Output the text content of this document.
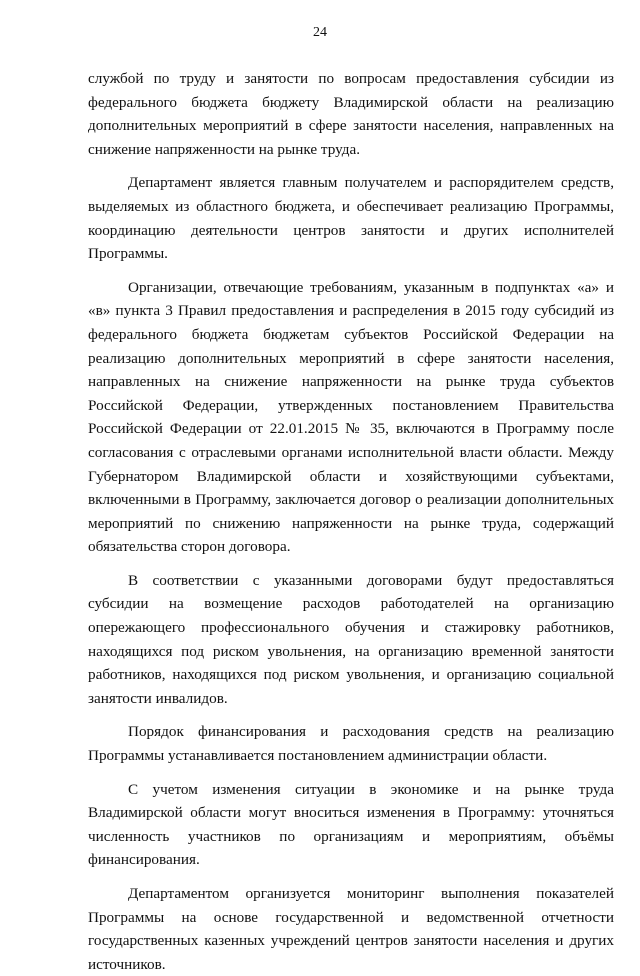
24

службой по труду и занятости по вопросам предоставления субсидии из федерального бюджета бюджету Владимирской области на реализацию дополнительных мероприятий в сфере занятости населения, направленных на снижение напряженности на рынке труда.

Департамент является главным получателем и распорядителем средств, выделяемых из областного бюджета, и обеспечивает реализацию Программы, координацию деятельности центров занятости и других исполнителей Программы.

Организации, отвечающие требованиям, указанным в подпунктах «а» и «в» пункта 3 Правил предоставления и распределения в 2015 году субсидий из федерального бюджета бюджетам субъектов Российской Федерации на реализацию дополнительных мероприятий в сфере занятости населения, направленных на снижение напряженности на рынке труда субъектов Российской Федерации, утвержденных постановлением Правительства Российской Федерации от 22.01.2015 № 35, включаются в Программу после согласования с отраслевыми органами исполнительной власти области. Между Губернатором Владимирской области и хозяйствующими субъектами, включенными в Программу, заключается договор о реализации дополнительных мероприятий по снижению напряженности на рынке труда, содержащий обязательства сторон договора.

В соответствии с указанными договорами будут предоставляться субсидии на возмещение расходов работодателей на организацию опережающего профессионального обучения и стажировку работников, находящихся под риском увольнения, на организацию временной занятости работников, находящихся под риском увольнения, и организацию социальной занятости инвалидов.

Порядок финансирования и расходования средств на реализацию Программы устанавливается постановлением администрации области.

С учетом изменения ситуации в экономике и на рынке труда Владимирской области могут вноситься изменения в Программу: уточняться численность участников по организациям и мероприятиям, объёмы финансирования.

Департаментом организуется мониторинг выполнения показателей Программы на основе государственной и ведомственной отчетности государственных казенных учреждений центров занятости населения и других источников.
